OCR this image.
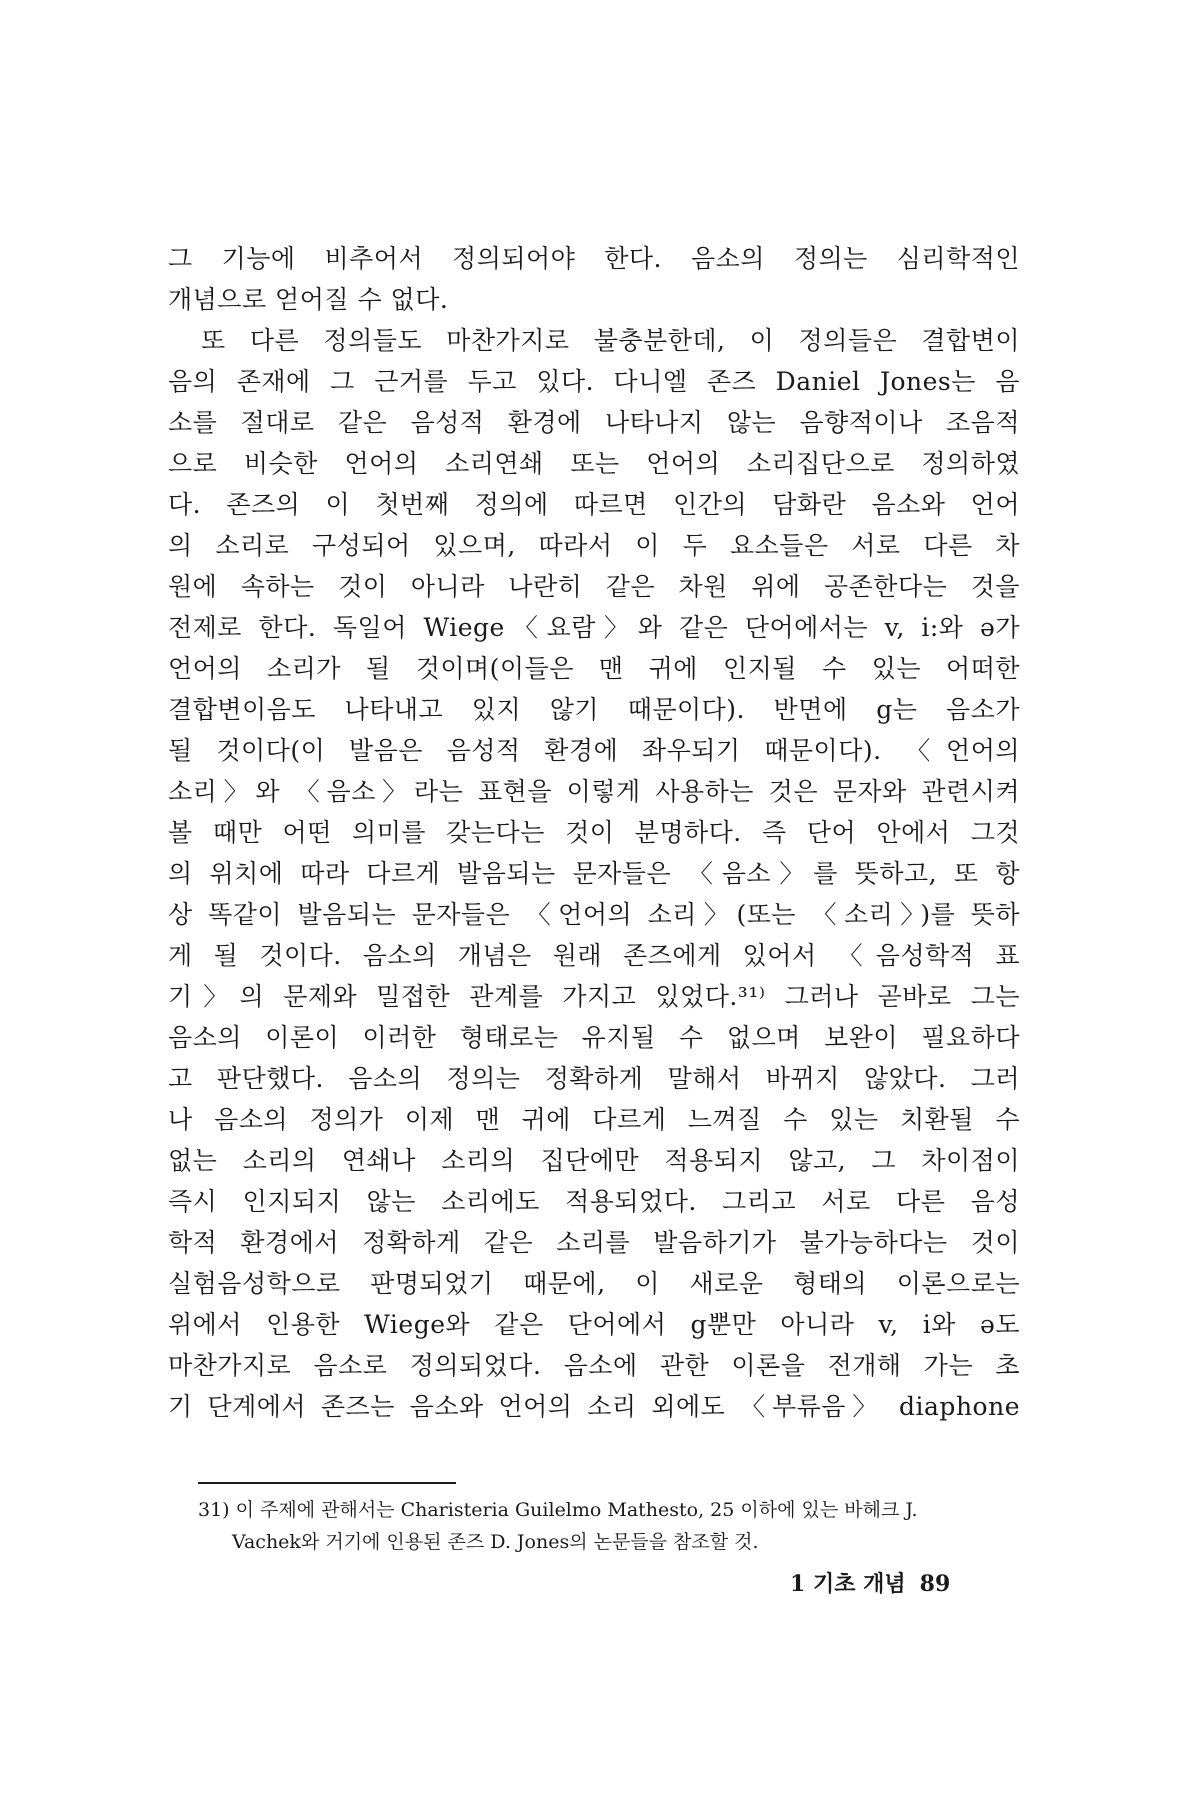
그 기능에 비추어서 정의되어야 한다. 음소의 정의는 심리학적인
개념으로 얻어질 수 없다.
또 다른 정의들도 마찬가지로 불충분한데, 이 정의들은 결합변이
음의 존재에 그 근거를 두고 있다. 다니엘 존즈 Daniel Jones는 음
소를 절대로 같은 음성적 환경에 나타나지 않는 음향적이나 조음적
으로 비슷한 언어의 소리연쇄 또는 언어의 소리집단으로 정의하였
다. 존즈의 이 첫번째 정의에 따르면 인간의 담화란 음소와 언어
의 소리로 구성되어 있으며, 따라서 이 두 요소들은 서로 다른 차
원에 속하는 것이 아니라 나란히 같은 차원 위에 공존한다는 것을
전제로 한다. 독일어 Wiege〈요람〉와 같은 단어에서는 v, i:와 ə가
언어의 소리가 될 것이며(이들은 맨 귀에 인지될 수 있는 어떠한
결합변이음도 나타내고 있지 않기 때문이다). 반면에 g는 음소가
될 것이다(이 발음은 음성적 환경에 좌우되기 때문이다). 〈언어의
소리〉와 〈음소〉라는 표현을 이렇게 사용하는 것은 문자와 관련시켜
볼 때만 어떤 의미를 갖는다는 것이 분명하다. 즉 단어 안에서 그것
의 위치에 따라 다르게 발음되는 문자들은 〈음소〉를 뜻하고, 또 항
상 똑같이 발음되는 문자들은 〈언어의 소리〉(또는 〈소리〉)를 뜻하
게 될 것이다. 음소의 개념은 원래 존즈에게 있어서 〈음성학적 표
기〉의 문제와 밀접한 관계를 가지고 있었다.³¹⁾ 그러나 곧바로 그는
음소의 이론이 이러한 형태로는 유지될 수 없으며 보완이 필요하다
고 판단했다. 음소의 정의는 정확하게 말해서 바뀌지 않았다. 그러
나 음소의 정의가 이제 맨 귀에 다르게 느껴질 수 있는 치환될 수
없는 소리의 연쇄나 소리의 집단에만 적용되지 않고, 그 차이점이
즉시 인지되지 않는 소리에도 적용되었다. 그리고 서로 다른 음성
학적 환경에서 정확하게 같은 소리를 발음하기가 불가능하다는 것이
실험음성학으로 판명되었기 때문에, 이 새로운 형태의 이론으로는
위에서 인용한 Wiege와 같은 단어에서 g뿐만 아니라 v, i와 ə도
마찬가지로 음소로 정의되었다. 음소에 관한 이론을 전개해 가는 초
기 단계에서 존즈는 음소와 언어의 소리 외에도 〈부류음〉 diaphone
31) 이 주제에 관해서는 Charisteria Guilelmo Mathesto, 25 이하에 있는 바헤크 J.
Vachek와 거기에 인용된 존즈 D. Jones의 논문들을 참조할 것.
1 기초 개념 89
